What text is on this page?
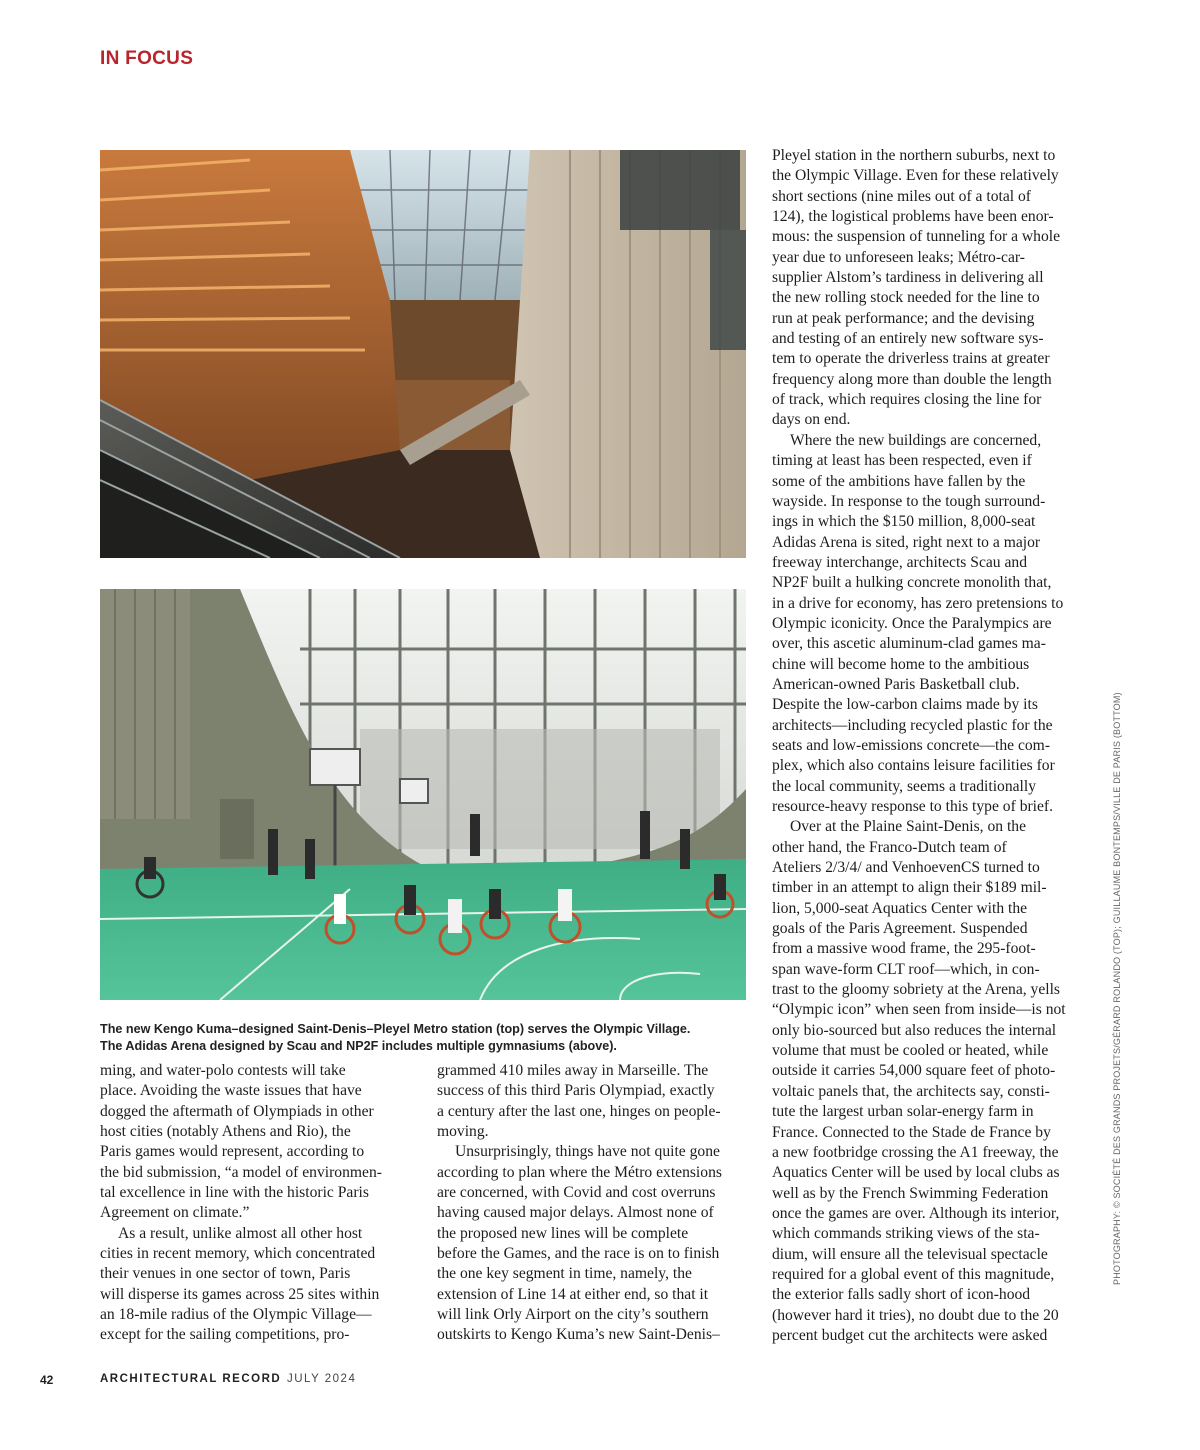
IN FOCUS
The new Kengo Kuma–designed Saint-Denis–Pleyel Metro station (top) serves the Olympic Village.
The Adidas Arena designed by Scau and NP2F includes multiple gymnasiums (above).
ming, and water-polo contests will take
place. Avoiding the waste issues that have
dogged the aftermath of Olympiads in other
host cities (notably Athens and Rio), the
Paris games would represent, according to
the bid submission, “a model of environmen-
tal excellence in line with the historic Paris
Agreement on climate.”
As a result, unlike almost all other host
cities in recent memory, which concentrated
their venues in one sector of town, Paris
will disperse its games across 25 sites within
an 18-mile radius of the Olympic Village—
except for the sailing competitions, pro-
grammed 410 miles away in Marseille. The
success of this third Paris Olympiad, exactly
a century after the last one, hinges on people-
moving.
Unsurprisingly, things have not quite gone
according to plan where the Métro extensions
are concerned, with Covid and cost overruns
having caused major delays. Almost none of
the proposed new lines will be complete
before the Games, and the race is on to finish
the one key segment in time, namely, the
extension of Line 14 at either end, so that it
will link Orly Airport on the city’s southern
outskirts to Kengo Kuma’s new Saint-Denis–
Pleyel station in the northern suburbs, next to
the Olympic Village. Even for these relatively
short sections (nine miles out of a total of
124), the logistical problems have been enor-
mous: the suspension of tunneling for a whole
year due to unforeseen leaks; Métro-car-
supplier Alstom’s tardiness in delivering all
the new rolling stock needed for the line to
run at peak performance; and the devising
and testing of an entirely new software sys-
tem to operate the driverless trains at greater
frequency along more than double the length
of track, which requires closing the line for
days on end.
Where the new buildings are concerned,
timing at least has been respected, even if
some of the ambitions have fallen by the
wayside. In response to the tough surround-
ings in which the $150 million, 8,000-seat
Adidas Arena is sited, right next to a major
freeway interchange, architects Scau and
NP2F built a hulking concrete monolith that,
in a drive for economy, has zero pretensions to
Olympic iconicity. Once the Paralympics are
over, this ascetic aluminum-clad games ma-
chine will become home to the ambitious
American-owned Paris Basketball club.
Despite the low-carbon claims made by its
architects—including recycled plastic for the
seats and low-emissions concrete—the com-
plex, which also contains leisure facilities for
the local community, seems a traditionally
resource-heavy response to this type of brief.
Over at the Plaine Saint-Denis, on the
other hand, the Franco-Dutch team of
Ateliers 2/3/4/ and VenhoevenCS turned to
timber in an attempt to align their $189 mil-
lion, 5,000-seat Aquatics Center with the
goals of the Paris Agreement. Suspended
from a massive wood frame, the 295-foot-
span wave-form CLT roof—which, in con-
trast to the gloomy sobriety at the Arena, yells
“Olympic icon” when seen from inside—is not
only bio-sourced but also reduces the internal
volume that must be cooled or heated, while
outside it carries 54,000 square feet of photo-
voltaic panels that, the architects say, consti-
tute the largest urban solar-energy farm in
France. Connected to the Stade de France by
a new footbridge crossing the A1 freeway, the
Aquatics Center will be used by local clubs as
well as by the French Swimming Federation
once the games are over. Although its interior,
which commands striking views of the sta-
dium, will ensure all the televisual spectacle
required for a global event of this magnitude,
the exterior falls sadly short of icon-hood
(however hard it tries), no doubt due to the 20
percent budget cut the architects were asked
PHOTOGRAPHY: © SOCIÉTÉ DES GRANDS PROJETS/GÉRARD ROLANDO (TOP); GUILLAUME BONTEMPS/VILLE DE PARIS (BOTTOM)
42	ARCHITECTURAL RECORD JULY 2024
